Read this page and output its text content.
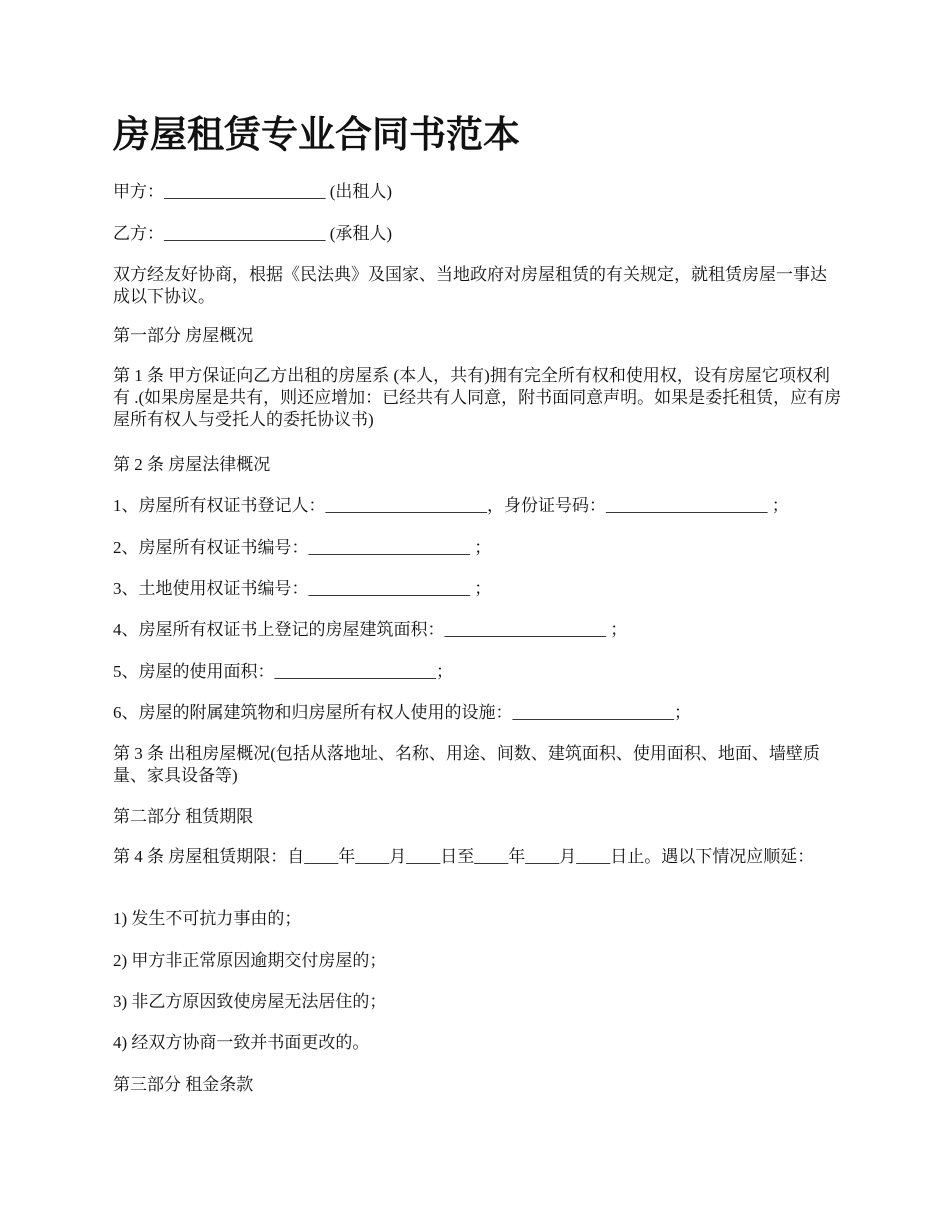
房屋租赁专业合同书范本

甲方：___________________ (出租人)

乙方：___________________ (承租人)

双方经友好协商，根据《民法典》及国家、当地政府对房屋租赁的有关规定，就租赁房屋一事达成以下协议。

第一部分 房屋概况

第 1 条 甲方保证向乙方出租的房屋系 (本人，共有)拥有完全所有权和使用权，设有房屋它项权利有 .(如果房屋是共有，则还应增加：已经共有人同意，附书面同意声明。如果是委托租赁，应有房屋所有权人与受托人的委托协议书)

第 2 条 房屋法律概况

1、房屋所有权证书登记人：___________________，身份证号码：___________________ ；

2、房屋所有权证书编号：___________________ ；

3、土地使用权证书编号：___________________ ；

4、房屋所有权证书上登记的房屋建筑面积：___________________ ；

5、房屋的使用面积：___________________；

6、房屋的附属建筑物和归房屋所有权人使用的设施：___________________；

第 3 条 出租房屋概况(包括从落地址、名称、用途、间数、建筑面积、使用面积、地面、墙壁质量、家具设备等)

第二部分 租赁期限

第 4 条 房屋租赁期限：自____年____月____日至____年____月____日止。遇以下情况应顺延：

1) 发生不可抗力事由的；

2) 甲方非正常原因逾期交付房屋的；

3) 非乙方原因致使房屋无法居住的；

4) 经双方协商一致并书面更改的。

第三部分 租金条款
